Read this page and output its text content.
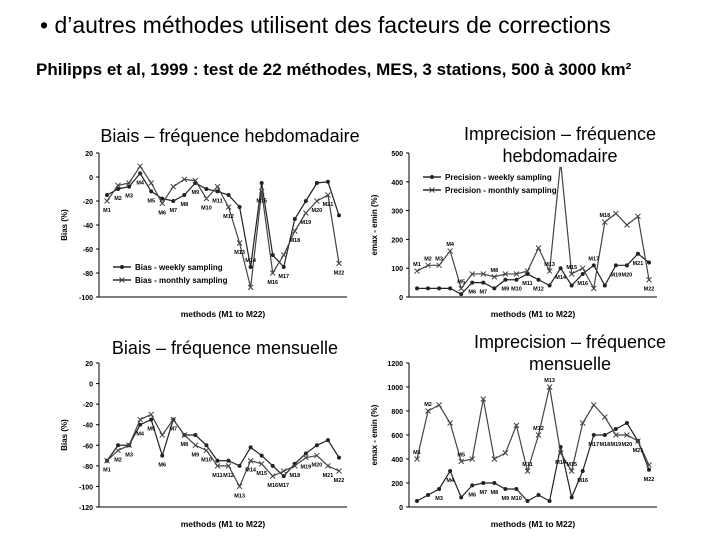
• d’autres méthodes utilisent des facteurs de corrections
Philipps et al, 1999 : test de 22 méthodes, MES, 3 stations, 500 à 3000 km²
20
0
-20
-40
-60
-80
-100
Bias (%)
methods (M1 to M22)
M1
M2 M3
M4
M5
M6 M7
M8
M9
M10
M11
M12
M13
M14
M15
M16
M17
M18
M19
M20
M21
M22
Bias - weekly sampling
Bias - monthly sampling
Biais – fréquence hebdomadaire
0
100
200
300
400
500
emax - emin (%)
methods (M1 to M22)
M1
M2 M3
M4
M5
M6 M7
M8
M9 M10
M11
M12
M13
M14
M15
M16
M17
M18
M19 M20
M21
M22
Precision - weekly sampling
Precision - monthly sampling
Imprecision – fréquence hebdomadaire
20
0
-20
-40
-60
-80
-100
-120
Bias (%)
methods (M1 to M22)
M1
M2
M3
M4
M5
M6
M7
M8
M9
M10
M11 M12
M13
M14
M15
M16 M17
M18
M19 M20
M21
M22
Biais – fréquence mensuelle
0
200
400
600
800
1000
1200
emax - emin (%)
methods (M1 to M22)
M1
M2
M3
M4
M5
M6 M7 M8
M9 M10
M11
M12
M13
M14 M15
M16
M17 M18 M19 M20
M21
M22
Imprecision – fréquence mensuelle
